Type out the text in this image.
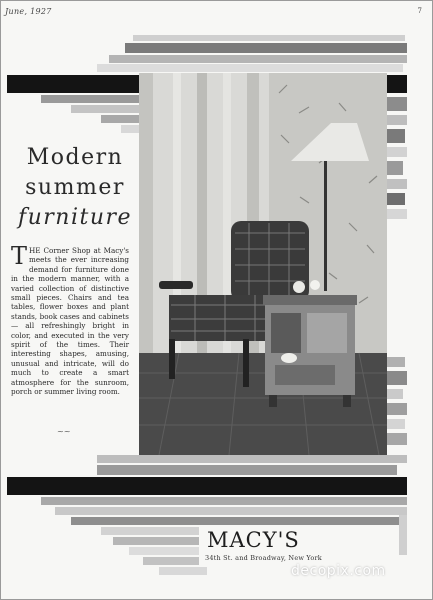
June, 1927	7
Modern
summer
furniture
T HE Corner Shop at Macy's meets the ever increasing demand for furniture done in the modern manner, with a varied collection of distinctive small pieces. Chairs and tea tables, flower boxes and plant stands, book cases and cabinets — all refreshingly bright in color, and executed in the very spirit of the times. Their interesting shapes, amusing, unusual and intricate, will do much to create a smart atmosphere for the sunroom, porch or summer living room.
~~
MACY'S
34th St. and Broadway, New York
decopix.com
